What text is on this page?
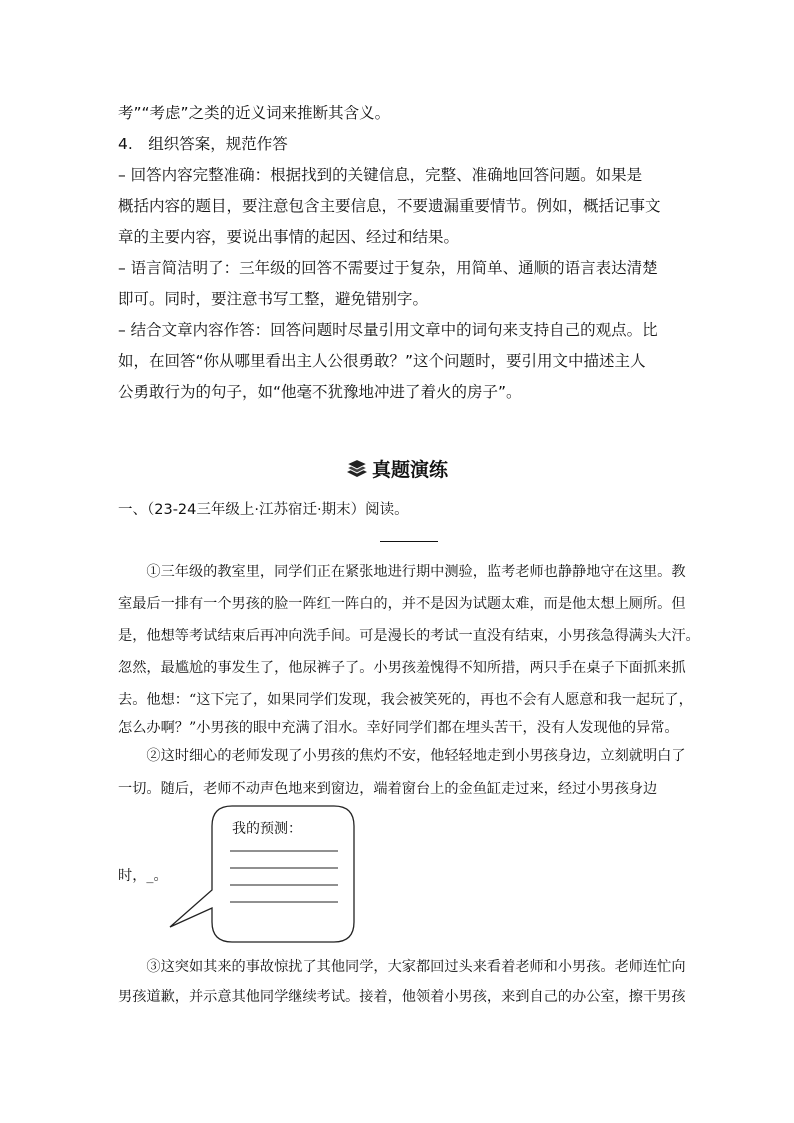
考”“考虑”之类的近义词来推断其含义。
4.　组织答案，规范作答
– 回答内容完整准确：根据找到的关键信息，完整、准确地回答问题。如果是
概括内容的题目，要注意包含主要信息，不要遗漏重要情节。例如，概括记事文
章的主要内容，要说出事情的起因、经过和结果。
– 语言简洁明了：三年级的回答不需要过于复杂，用简单、通顺的语言表达清楚
即可。同时，要注意书写工整，避免错别字。
– 结合文章内容作答：回答问题时尽量引用文章中的词句来支持自己的观点。比
如，在回答“你从哪里看出主人公很勇敢？”这个问题时，要引用文中描述主人
公勇敢行为的句子，如“他毫不犹豫地冲进了着火的房子”。
真题演练
一、（23-24三年级上·江苏宿迁·期末）阅读。
　　①三年级的教室里，同学们正在紧张地进行期中测验，监考老师也静静地守在这里。教
室最后一排有一个男孩的脸一阵红一阵白的，并不是因为试题太难，而是他太想上厕所。但
是，他想等考试结束后再冲向洗手间。可是漫长的考试一直没有结束，小男孩急得满头大汗。
忽然，最尴尬的事发生了，他尿裤子了。小男孩羞愧得不知所措，两只手在桌子下面抓来抓
去。他想：“这下完了，如果同学们发现，我会被笑死的，再也不会有人愿意和我一起玩了，
怎么办啊？”小男孩的眼中充满了泪水。幸好同学们都在埋头苦干，没有人发现他的异常。
　　②这时细心的老师发现了小男孩的焦灼不安，他轻轻地走到小男孩身边，立刻就明白了
一切。随后，老师不动声色地来到窗边，端着窗台上的金鱼缸走过来，经过小男孩身边
我的预测：
时，_。
　　③这突如其来的事故惊扰了其他同学，大家都回过头来看着老师和小男孩。老师连忙向
男孩道歉，并示意其他同学继续考试。接着，他领着小男孩，来到自己的办公室，擦干男孩
